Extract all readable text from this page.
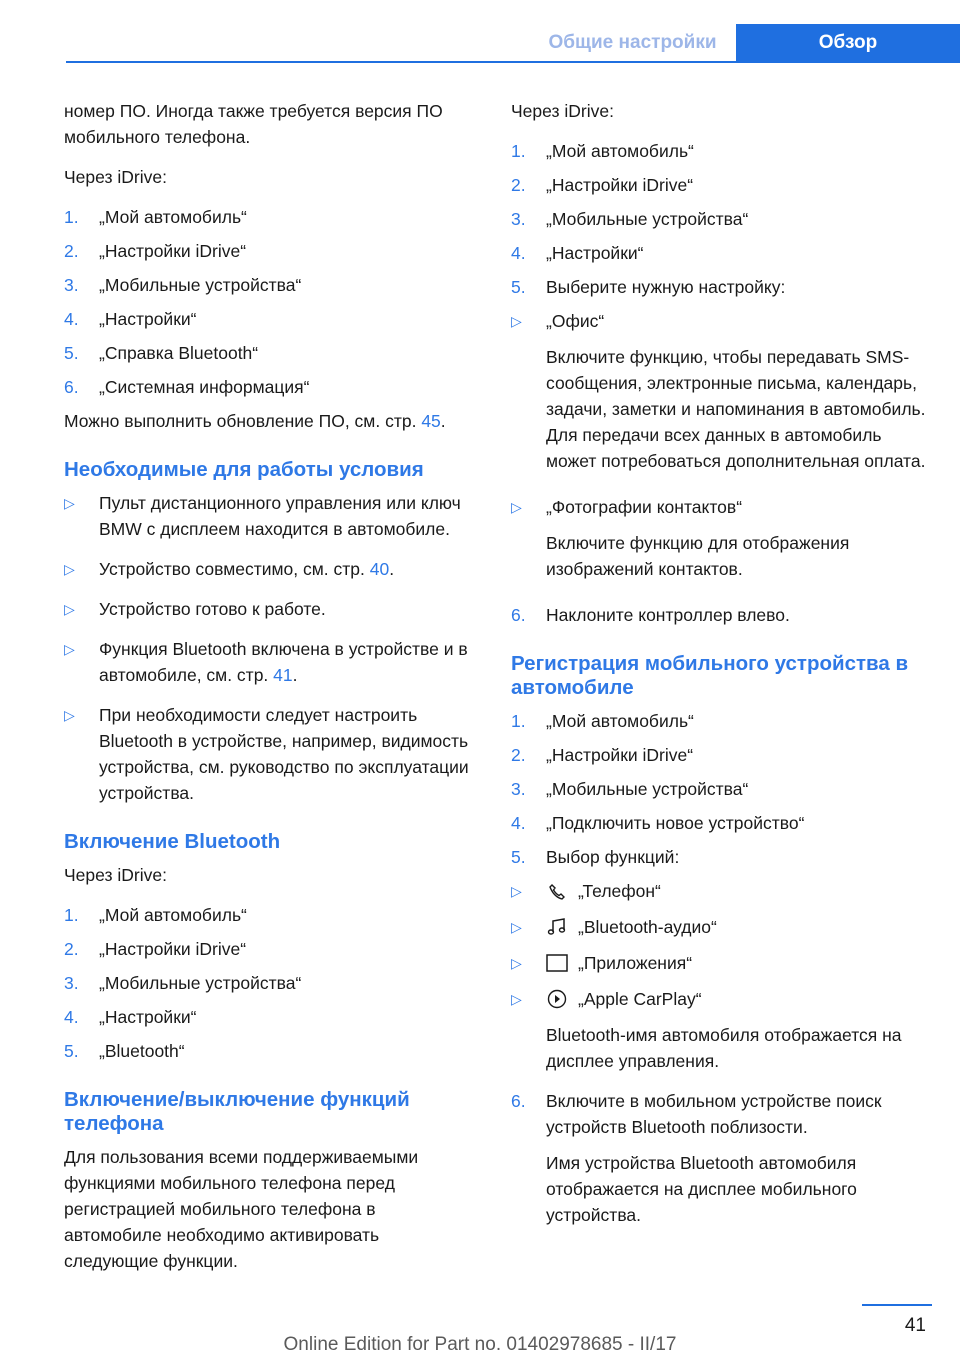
Общие настройки	Обзор

номер ПО. Иногда также требуется версия ПО мобильного телефона.

Через iDrive:

1.	„Мой автомобиль“
2.	„Настройки iDrive“
3.	„Мобильные устройства“
4.	„Настройки“
5.	„Справка Bluetooth“
6.	„Системная информация“

Можно выполнить обновление ПО, см. стр. 45.

Необходимые для работы условия
▷	Пульт дистанционного управления или ключ BMW с дисплеем находится в автомобиле.
▷	Устройство совместимо, см. стр. 40.
▷	Устройство готово к работе.
▷	Функция Bluetooth включена в устройстве и в автомобиле, см. стр. 41.
▷	При необходимости следует настроить Bluetooth в устройстве, например, видимость устройства, см. руководство по эксплуатации устройства.
Включение Bluetooth

Через iDrive:

1.	„Мой автомобиль“
2.	„Настройки iDrive“
3.	„Мобильные устройства“
4.	„Настройки“
5.	„Bluetooth“
Включение/выключение функций телефона

Для пользования всеми поддерживаемыми функциями мобильного телефона перед регистрацией мобильного телефона в автомобиле необходимо активировать следующие функции.

Через iDrive:

1.	„Мой автомобиль“
2.	„Настройки iDrive“
3.	„Мобильные устройства“
4.	„Настройки“
5.	Выберите нужную настройку:
▷	„Офис“

Включите функцию, чтобы передавать SMS-сообщения, электронные письма, календарь, задачи, заметки и напоминания в автомобиль. Для передачи всех данных в автомобиль может потребоваться дополнительная оплата.

▷	„Фотографии контактов“

Включите функцию для отображения изображений контактов.

6.	Наклоните контроллер влево.
Регистрация мобильного устройства в автомобиле
1.	„Мой автомобиль“
2.	„Настройки iDrive“
3.	„Мобильные устройства“
4.	„Подключить новое устройство“
5.	Выбор функций:
▷	„Телефон“
▷	„Bluetooth-аудио“
▷	„Приложения“
▷	„Apple CarPlay“

Bluetooth-имя автомобиля отображается на дисплее управления.

6.	Включите в мобильном устройстве поиск устройств Bluetooth поблизости.

Имя устройства Bluetooth автомобиля отображается на дисплее мобильного устройства.

41
Online Edition for Part no. 01402978685 - II/17
